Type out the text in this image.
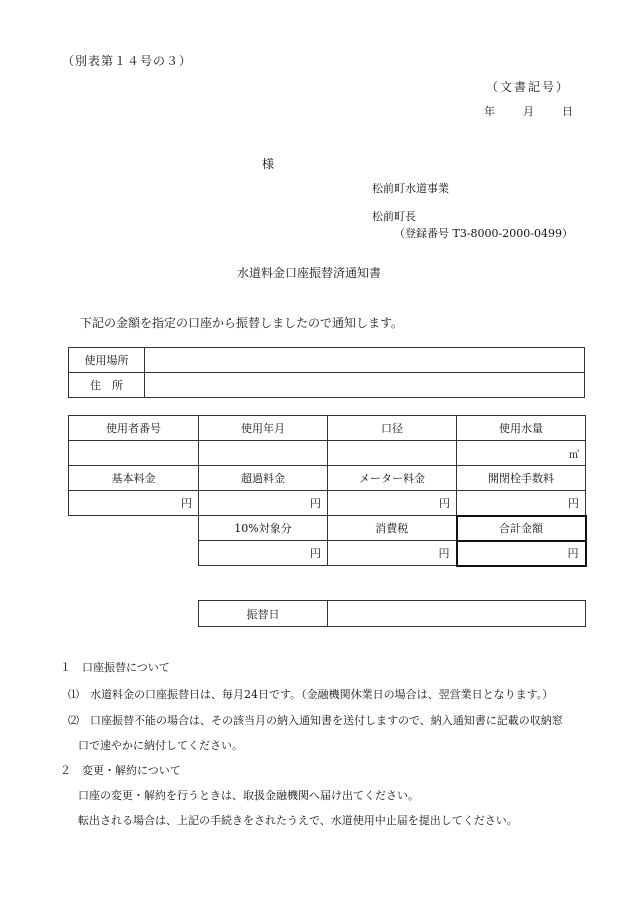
（別表第１４号の３）
（文書記号）
年	月	日
様
松前町水道事業
松前町長
（登録番号 T3-8000-2000-0499）
水道料金口座振替済通知書
下記の金額を指定の口座から振替しましたので通知します。
使用場所	
住　所	
使用者番号	使用年月	口径	使用水量
			㎥
基本料金	超過料金	メーター料金	開閉栓手数料
円	円	円	円
	10%対象分	消費税	合計金額
	円	円	円
振替日	
１　口座振替について
⑴　水道料金の口座振替日は、毎月24日です。（金融機関休業日の場合は、翌営業日となります。）
⑵　口座振替不能の場合は、その該当月の納入通知書を送付しますので、納入通知書に記載の収納窓
口で速やかに納付してください。
２　変更・解約について
口座の変更・解約を行うときは、取扱金融機関へ届け出てください。
転出される場合は、上記の手続きをされたうえで、水道使用中止届を提出してください。
